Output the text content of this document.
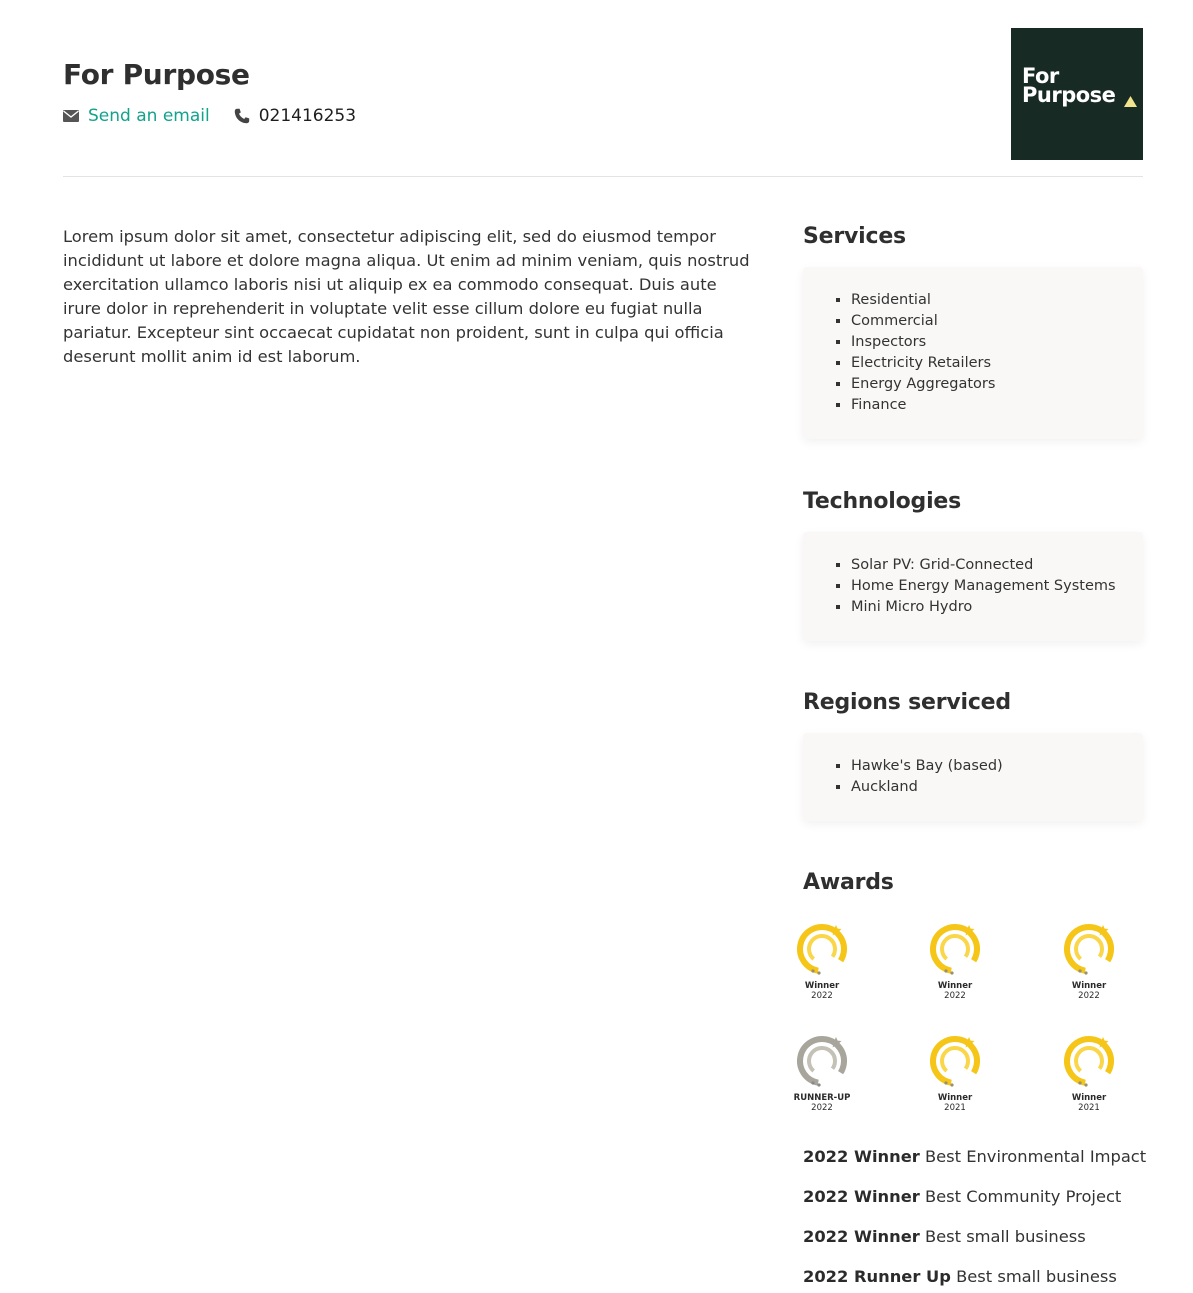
For Purpose
Send an email	021416253
For
Purpose

Lorem ipsum dolor sit amet, consectetur adipiscing elit, sed do eiusmod tempor incididunt ut labore et dolore magna aliqua. Ut enim ad minim veniam, quis nostrud exercitation ullamco laboris nisi ut aliquip ex ea commodo consequat. Duis aute irure dolor in reprehenderit in voluptate velit esse cillum dolore eu fugiat nulla pariatur. Excepteur sint occaecat cupidatat non proident, sunt in culpa qui officia deserunt mollit anim id est laborum.

Services
▪ Residential
▪ Commercial
▪ Inspectors
▪ Electricity Retailers
▪ Energy Aggregators
▪ Finance
Technologies
▪ Solar PV: Grid-Connected
▪ Home Energy Management Systems
▪ Mini Micro Hydro
Regions serviced
▪ Hawke's Bay (based)
▪ Auckland
Awards
Winner
2022
Winner
2022
Winner
2022
RUNNER-UP
2022
Winner
2021
Winner
2021
2022 Winner Best Environmental Impact
2022 Winner Best Community Project
2022 Winner Best small business
2022 Runner Up Best small business
